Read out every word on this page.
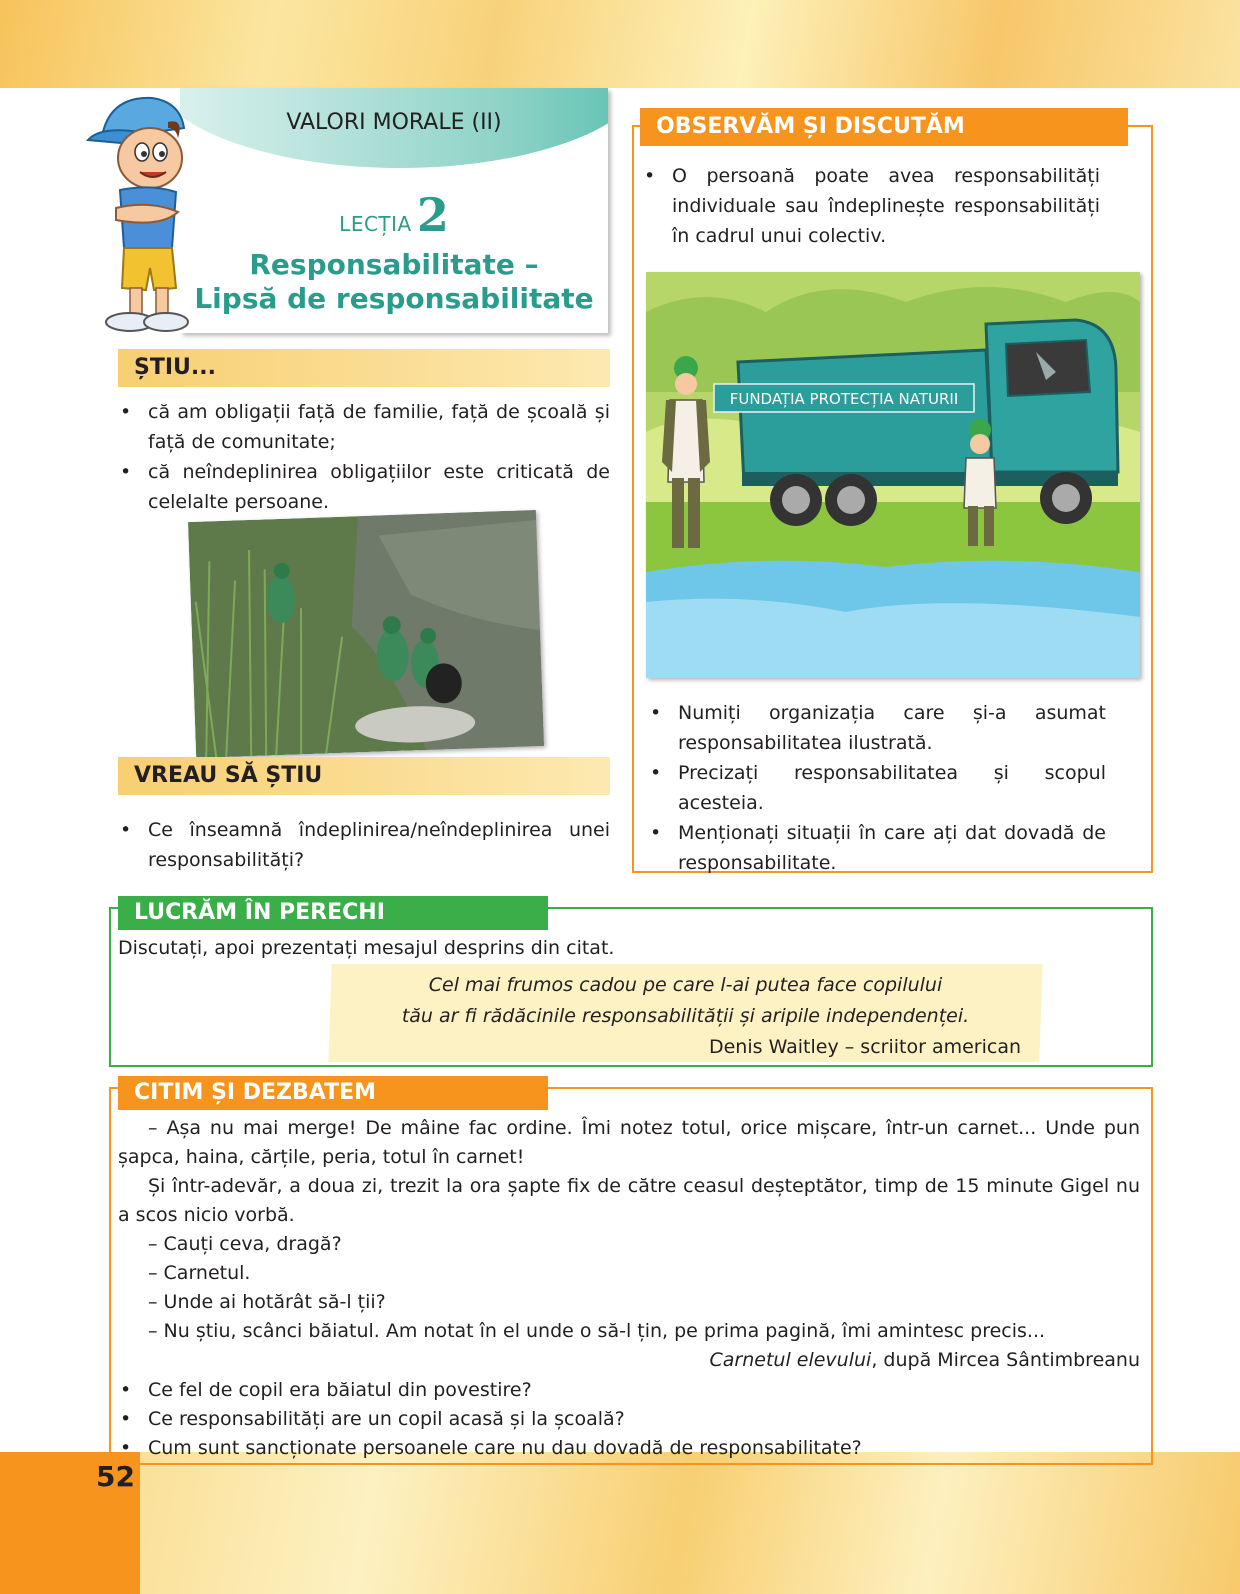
52
VALORI MORALE (II)
LECȚIA 2
Responsabilitate –
Lipsă de responsabilitate
ȘTIU...
• că am obligații față de familie, față de școală și față de comunitate;
• că neîndeplinirea obligațiilor este criticată de celelalte persoane.
VREAU SĂ ȘTIU
• Ce înseamnă îndeplinirea/neîndeplinirea unei responsabilități?
OBSERVĂM ȘI DISCUTĂM
• O persoană poate avea responsabilități individuale sau îndeplinește responsabilități în cadrul unui colectiv.
FUNDAȚIA PROTECȚIA NATURII
• Numiți organizația care și-a asumat responsabilitatea ilustrată.
• Precizați responsabilitatea și scopul acesteia.
• Menționați situații în care ați dat dovadă de responsabilitate.
LUCRĂM ÎN PERECHI
Discutați, apoi prezentați mesajul desprins din citat.
Cel mai frumos cadou pe care l-ai putea face copilului
tău ar fi rădăcinile responsabilității și aripile independenței.
Denis Waitley – scriitor american
CITIM ȘI DEZBATEM

– Așa nu mai merge! De mâine fac ordine. Îmi notez totul, orice mișcare, într-un carnet... Unde pun șapca, haina, cărțile, peria, totul în carnet!

Și într-adevăr, a doua zi, trezit la ora șapte fix de către ceasul deșteptător, timp de 15 minute Gigel nu a scos nicio vorbă.

– Cauți ceva, dragă?

– Carnetul.

– Unde ai hotărât să-l ții?

– Nu știu, scânci băiatul. Am notat în el unde o să-l țin, pe prima pagină, îmi amintesc precis...

Carnetul elevului, după Mircea Sântimbreanu

• Ce fel de copil era băiatul din povestire?
• Ce responsabilități are un copil acasă și la școală?
• Cum sunt sancționate persoanele care nu dau dovadă de responsabilitate?
